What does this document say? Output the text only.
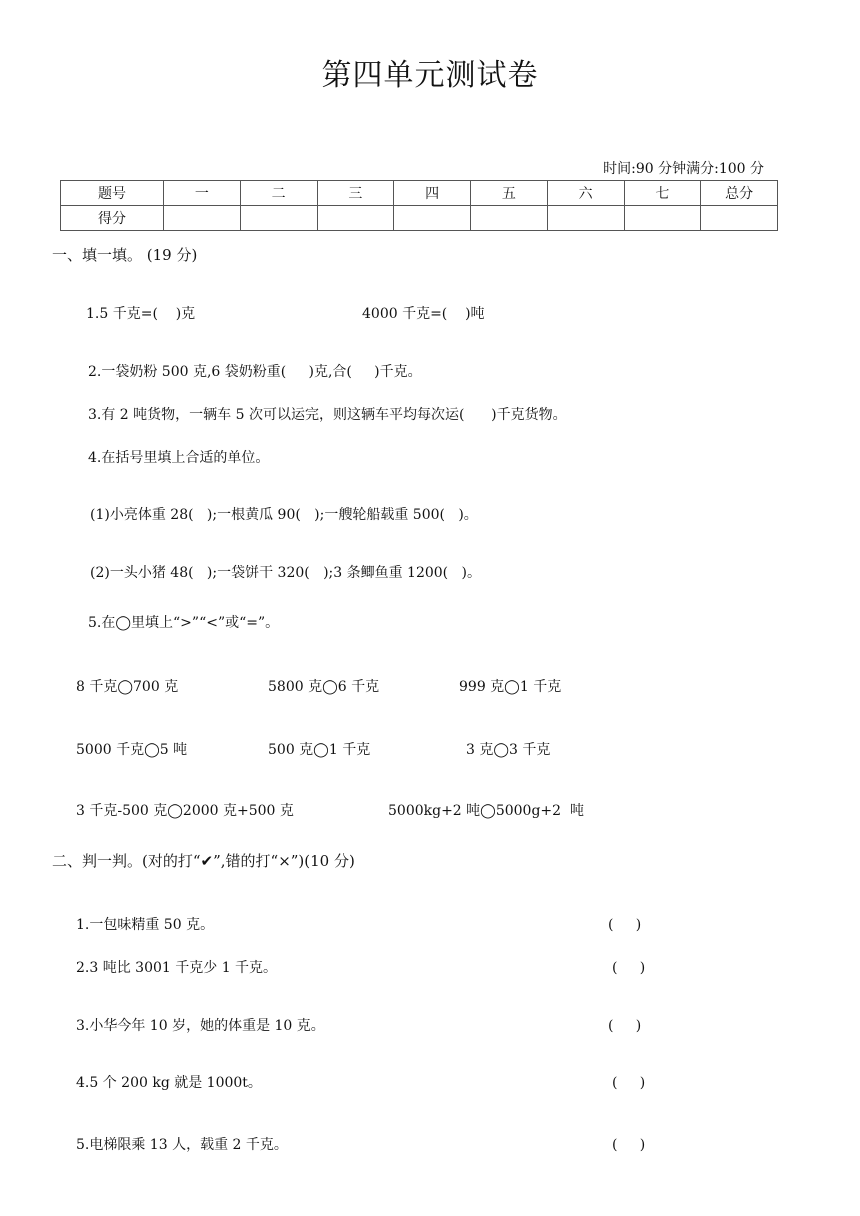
第四单元测试卷
时间:90 分钟满分:100 分
题号	一	二	三	四	五	六	七	总分
得分								
一、填一填。 (19 分)
1.5 千克=(    )克	4000 千克=(    )吨
2.一袋奶粉 500 克,6 袋奶粉重(     )克,合(     )千克。
3.有 2 吨货物，一辆车 5 次可以运完，则这辆车平均每次运(      )千克货物。
4.在括号里填上合适的单位。
(1)小亮体重 28(   );一根黄瓜 90(   );一艘轮船载重 500(   )。
(2)一头小猪 48(   );一袋饼干 320(   );3 条鲫鱼重 1200(   )。
5.在◯里填上“>”“<”或“=”。
8 千克◯700 克	5800 克◯6 千克	999 克◯1 千克
5000 千克◯5 吨	500 克◯1 千克	3 克◯3 千克
3 千克-500 克◯2000 克+500 克	5000kg+2 吨◯5000g+2  吨
二、判一判。(对的打“✔”,错的打“×”)(10 分)
1.一包味精重 50 克。	(     )
2.3 吨比 3001 千克少 1 千克。	(     )
3.小华今年 10 岁，她的体重是 10 克。	(     )
4.5 个 200 kg 就是 1000t。	(     )
5.电梯限乘 13 人，载重 2 千克。	(     )
